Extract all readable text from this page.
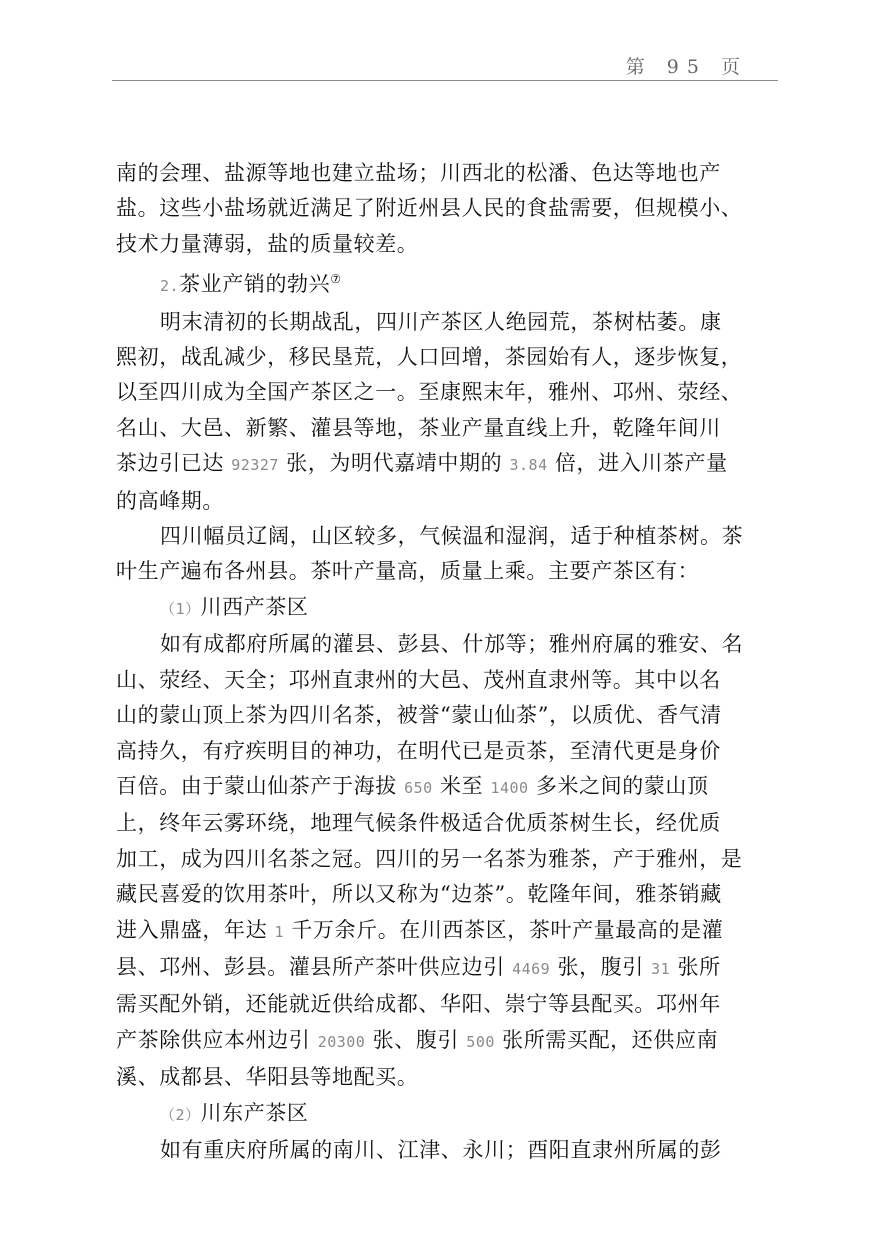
第 95 页
南的会理、盐源等地也建立盐场；川西北的松潘、色达等地也产
盐。这些小盐场就近满足了附近州县人民的食盐需要，但规模小、
技术力量薄弱，盐的质量较差。
2.茶业产销的勃兴⑦
明末清初的长期战乱，四川产茶区人绝园荒，茶树枯萎。康
熙初，战乱减少，移民垦荒，人口回增，茶园始有人，逐步恢复，
以至四川成为全国产茶区之一。至康熙末年，雅州、邛州、荥经、
名山、大邑、新繁、灌县等地，茶业产量直线上升，乾隆年间川
茶边引已达 92327 张，为明代嘉靖中期的 3.84 倍，进入川茶产量
的高峰期。
四川幅员辽阔，山区较多，气候温和湿润，适于种植茶树。茶
叶生产遍布各州县。茶叶产量高，质量上乘。主要产茶区有：
（1）川西产茶区
如有成都府所属的灌县、彭县、什邡等；雅州府属的雅安、名
山、荥经、天全；邛州直隶州的大邑、茂州直隶州等。其中以名
山的蒙山顶上茶为四川名茶，被誉“蒙山仙茶”，以质优、香气清
高持久，有疗疾明目的神功，在明代已是贡茶，至清代更是身价
百倍。由于蒙山仙茶产于海拔 650 米至 1400 多米之间的蒙山顶
上，终年云雾环绕，地理气候条件极适合优质茶树生长，经优质
加工，成为四川名茶之冠。四川的另一名茶为雅茶，产于雅州，是
藏民喜爱的饮用茶叶，所以又称为“边茶”。乾隆年间，雅茶销藏
进入鼎盛，年达 1 千万余斤。在川西茶区，茶叶产量最高的是灌
县、邛州、彭县。灌县所产茶叶供应边引 4469 张，腹引 31 张所
需买配外销，还能就近供给成都、华阳、崇宁等县配买。邛州年
产茶除供应本州边引 20300 张、腹引 500 张所需买配，还供应南
溪、成都县、华阳县等地配买。
（2）川东产茶区
如有重庆府所属的南川、江津、永川；酉阳直隶州所属的彭
